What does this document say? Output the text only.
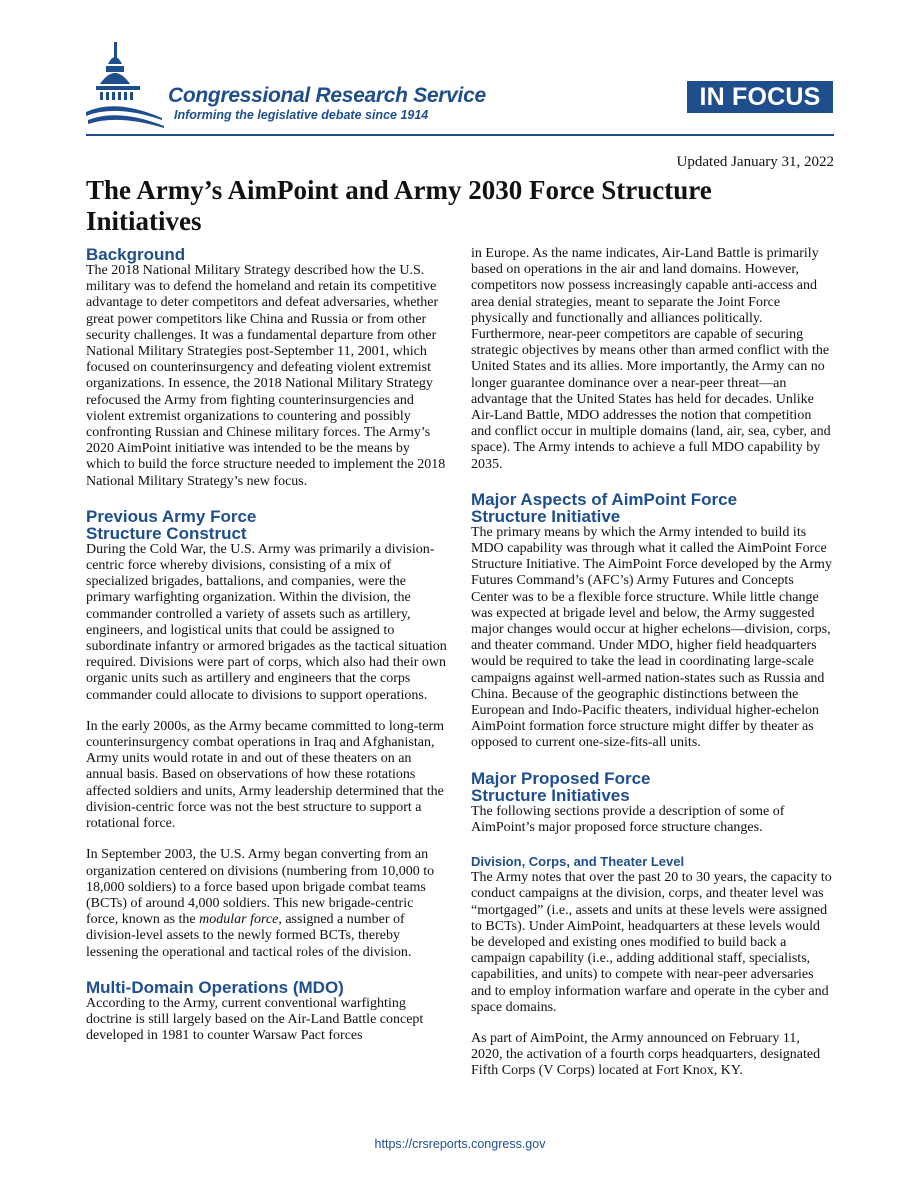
Congressional Research Service
Informing the legislative debate since 1914
IN FOCUS
Updated January 31, 2022
The Army’s AimPoint and Army 2030 Force Structure Initiatives
Background

The 2018 National Military Strategy described how the U.S. military was to defend the homeland and retain its competitive advantage to deter competitors and defeat adversaries, whether great power competitors like China and Russia or from other security challenges. It was a fundamental departure from other National Military Strategies post-September 11, 2001, which focused on counterinsurgency and defeating violent extremist organizations. In essence, the 2018 National Military Strategy refocused the Army from fighting counterinsurgencies and violent extremist organizations to countering and possibly confronting Russian and Chinese military forces. The Army’s 2020 AimPoint initiative was intended to be the means by which to build the force structure needed to implement the 2018 National Military Strategy’s new focus.

Previous Army Force
Structure Construct

During the Cold War, the U.S. Army was primarily a division-centric force whereby divisions, consisting of a mix of specialized brigades, battalions, and companies, were the primary warfighting organization. Within the division, the commander controlled a variety of assets such as artillery, engineers, and logistical units that could be assigned to subordinate infantry or armored brigades as the tactical situation required. Divisions were part of corps, which also had their own organic units such as artillery and engineers that the corps commander could allocate to divisions to support operations.

In the early 2000s, as the Army became committed to long-term counterinsurgency combat operations in Iraq and Afghanistan, Army units would rotate in and out of these theaters on an annual basis. Based on observations of how these rotations affected soldiers and units, Army leadership determined that the division-centric force was not the best structure to support a rotational force.

In September 2003, the U.S. Army began converting from an organization centered on divisions (numbering from 10,000 to 18,000 soldiers) to a force based upon brigade combat teams (BCTs) of around 4,000 soldiers. This new brigade-centric force, known as the modular force, assigned a number of division-level assets to the newly formed BCTs, thereby lessening the operational and tactical roles of the division.

Multi-Domain Operations (MDO)

According to the Army, current conventional warfighting doctrine is still largely based on the Air-Land Battle concept developed in 1981 to counter Warsaw Pact forces

in Europe. As the name indicates, Air-Land Battle is primarily based on operations in the air and land domains. However, competitors now possess increasingly capable anti-access and area denial strategies, meant to separate the Joint Force physically and functionally and alliances politically. Furthermore, near-peer competitors are capable of securing strategic objectives by means other than armed conflict with the United States and its allies. More importantly, the Army can no longer guarantee dominance over a near-peer threat—an advantage that the United States has held for decades. Unlike Air-Land Battle, MDO addresses the notion that competition and conflict occur in multiple domains (land, air, sea, cyber, and space). The Army intends to achieve a full MDO capability by 2035.

Major Aspects of AimPoint Force
Structure Initiative

The primary means by which the Army intended to build its MDO capability was through what it called the AimPoint Force Structure Initiative. The AimPoint Force developed by the Army Futures Command’s (AFC’s) Army Futures and Concepts Center was to be a flexible force structure. While little change was expected at brigade level and below, the Army suggested major changes would occur at higher echelons—division, corps, and theater command. Under MDO, higher field headquarters would be required to take the lead in coordinating large-scale campaigns against well-armed nation-states such as Russia and China. Because of the geographic distinctions between the European and Indo-Pacific theaters, individual higher-echelon AimPoint formation force structure might differ by theater as opposed to current one-size-fits-all units.

Major Proposed Force
Structure Initiatives

The following sections provide a description of some of AimPoint’s major proposed force structure changes.

Division, Corps, and Theater Level

The Army notes that over the past 20 to 30 years, the capacity to conduct campaigns at the division, corps, and theater level was “mortgaged” (i.e., assets and units at these levels were assigned to BCTs). Under AimPoint, headquarters at these levels would be developed and existing ones modified to build back a campaign capability (i.e., adding additional staff, specialists, capabilities, and units) to compete with near-peer adversaries and to employ information warfare and operate in the cyber and space domains.

As part of AimPoint, the Army announced on February 11, 2020, the activation of a fourth corps headquarters, designated Fifth Corps (V Corps) located at Fort Knox, KY.

https://crsreports.congress.gov
